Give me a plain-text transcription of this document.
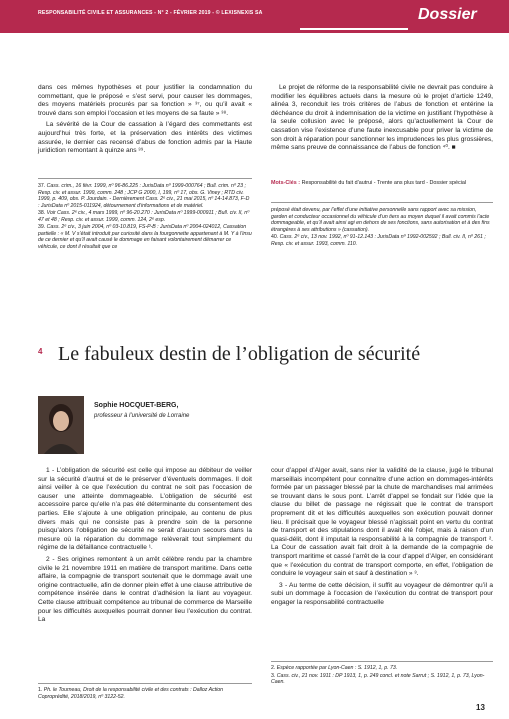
RESPONSABILITÉ CIVILE ET ASSURANCES - N° 2 - FÉVRIER 2019 - © LEXISNEXIS SA	Dossier

dans ces mêmes hypothèses et pour justifier la condamnation du commettant, que le préposé « s’est servi, pour causer les dommages, des moyens matériels procurés par sa fonction » ³⁷, ou qu’il avait « trouvé dans son emploi l’occasion et les moyens de sa faute » ³⁸.

La sévérité de la Cour de cassation à l’égard des commettants est aujourd’hui très forte, et la préservation des intérêts des victimes assurée, le dernier cas recensé d’abus de fonction admis par la Haute juridiction remontant à quinze ans ³⁹.

Le projet de réforme de la responsabilité civile ne devrait pas conduire à modifier les équilibres actuels dans la mesure où le projet d’article 1249, alinéa 3, reconduit les trois critères de l’abus de fonction et entérine la déchéance du droit à indemnisation de la victime en justifiant l’hypothèse à la seule collusion avec le préposé, alors qu’actuellement la Cour de cassation vise l’existence d’une faute inexcusable pour priver la victime de son droit à réparation pour sanctionner les imprudences les plus grossières, même sans preuve de connaissance de l’abus de fonction ⁴⁰. ■

Mots-Clés : Responsabilité du fait d’autrui - Trente ans plus tard - Dossier spécial
37. Cass. crim., 16 févr. 1999, nº 96-86.225 : JurisData nº 1999-000764 ; Bull. crim. nº 23 ; Resp. civ. et assur. 1999, comm. 248 ; JCP G 2000, I, 199, nº 17, obs. G. Viney ; RTD civ. 1999, p. 409, obs. P. Jourdain. - Dernièrement Cass. 2ᵉ civ., 21 mai 2015, nº 14-14.873, F-D : JurisData nº 2015-011924, détournement d’informations et de matériel.
38. Voir Cass. 2ᵉ civ., 4 mars 1999, nº 96-20.270 : JurisData nº 1999-000911 ; Bull. civ. II, nº 47 et 48 ; Resp. civ. et assur. 1999, comm. 124, 2ᵉ esp.
39. Cass. 2ᵉ civ., 3 juin 2004, nº 03-10.819, FS-P-B : JurisData nº 2004-024012, Cassation partielle : « M. V s’était introduit par curiosité dans la fourgonnette appartenant à M. Y à l’insu de ce dernier et qu’il avait causé le dommage en faisant volontairement démarrer ce véhicule, ce dont il résultait que ce
préposé était devenu, par l’effet d’une initiative personnelle sans rapport avec sa mission, garden et conducteur occasionnel du véhicule d’un tiers au moyen duquel il avait commis l’acte dommageable, et qu’il avait ainsi agi en dehors de ses fonctions, sans autorisation et à des fins étrangères à ses attributions » (cassation).
40. Cass. 2ᵉ civ., 13 nov. 1992, nº 91-12.143 : JurisData nº 1992-002592 ; Bull. civ. II, nº 261 ; Resp. civ. et assur. 1993, comm. 110.
4 Le fabuleux destin de l’obligation de sécurité
Sophie HOCQUET-BERG,
professeur à l’université de Lorraine

1 - L’obligation de sécurité est celle qui impose au débiteur de veiller sur la sécurité d’autrui et de le préserver d’éventuels dommages. Il doit ainsi veiller à ce que l’exécution du contrat ne soit pas l’occasion de causer une atteinte dommageable. L’obligation de sécurité est accessoire parce qu’elle n’a pas été déterminante du consentement des parties. Elle s’ajoute à une obligation principale, au contenu de plus divers mais qui ne consiste pas à prendre soin de la personne puisqu’alors l’obligation de sécurité ne serait d’aucun secours dans la mesure où la réparation du dommage relèverait tout simplement du régime de la défaillance contractuelle ¹.

2 - Ses origines remontent à un arrêt célèbre rendu par la chambre civile le 21 novembre 1911 en matière de transport maritime. Dans cette affaire, la compagnie de transport soutenait que le dommage avait une origine contractuelle, afin de donner plein effet à une clause attributive de compétence insérée dans le contrat d’adhésion la liant au voyageur. Cette clause attribuait compétence au tribunal de commerce de Marseille pour les difficultés auxquelles pourrait donner lieu l’exécution du contrat. La

cour d’appel d’Alger avait, sans nier la validité de la clause, jugé le tribunal marseillais incompétent pour connaître d’une action en dommages-intérêts formée par un passager blessé par la chute de marchandises mal arrimées se trouvant dans le sous pont. L’arrêt d’appel se fondait sur l’idée que la clause du billet de passage ne régissait que le contrat de transport proprement dit et les difficultés auxquelles son exécution pouvait donner lieu. Il précisait que le voyageur blessé n’agissait point en vertu du contrat de transport et des stipulations dont il avait été l’objet, mais à raison d’un quasi-délit, dont il imputait la responsabilité à la compagnie de transport ². La Cour de cassation avait fait droit à la demande de la compagnie de transport maritime et cassé l’arrêt de la cour d’appel d’Alger, en considérant que « l’exécution du contrat de transport comporte, en effet, l’obligation de conduire le voyageur sain et sauf à destination » ³.

3 - Au terme de cette décision, il suffit au voyageur de démontrer qu’il a subi un dommage à l’occasion de l’exécution du contrat de transport pour engager la responsabilité contractuelle

1. Ph. le Tourneau, Droit de la responsabilité civile et des contrats : Dalloz Action Coproprédité, 2018/2019, nº 3122-52.
2. Espèce rapportée par Lyon-Caen : S. 1912, 1, p. 73.
3. Cass. civ., 21 nov. 1911 : DP 1913, 1, p. 249 concl. et note Sarrut ; S. 1912, 1, p. 73, Lyon-Caen.
13
